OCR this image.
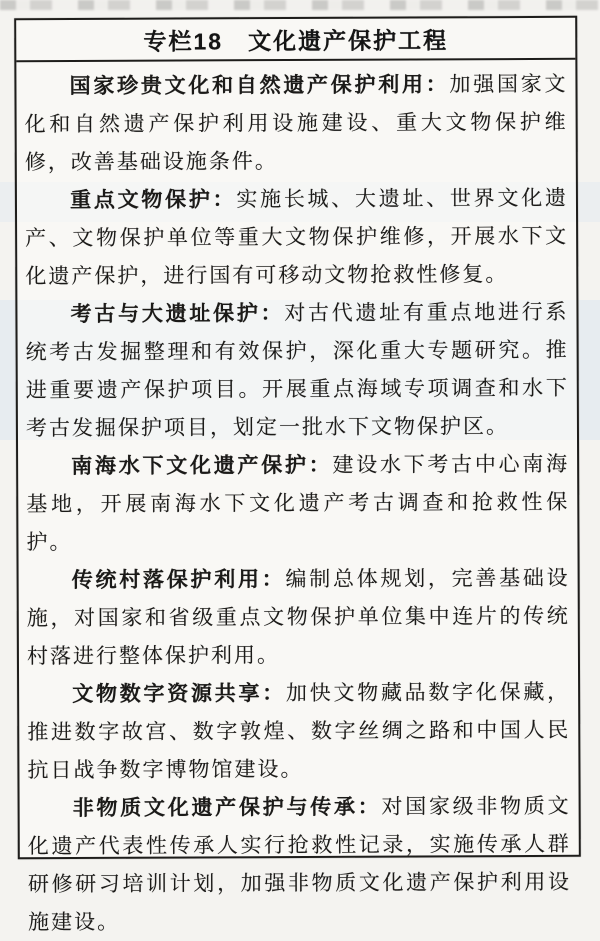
专栏18　文化遗产保护工程

国家珍贵文化和自然遗产保护利用：加强国家文化和自然遗产保护利用设施建设、重大文物保护维修，改善基础设施条件。

重点文物保护：实施长城、大遗址、世界文化遗产、文物保护单位等重大文物保护维修，开展水下文化遗产保护，进行国有可移动文物抢救性修复。

考古与大遗址保护：对古代遗址有重点地进行系统考古发掘整理和有效保护，深化重大专题研究。推进重要遗产保护项目。开展重点海域专项调查和水下考古发掘保护项目，划定一批水下文物保护区。

南海水下文化遗产保护：建设水下考古中心南海基地，开展南海水下文化遗产考古调查和抢救性保护。

传统村落保护利用：编制总体规划，完善基础设施，对国家和省级重点文物保护单位集中连片的传统村落进行整体保护利用。

文物数字资源共享：加快文物藏品数字化保藏，推进数字故宫、数字敦煌、数字丝绸之路和中国人民抗日战争数字博物馆建设。

非物质文化遗产保护与传承：对国家级非物质文化遗产代表性传承人实行抢救性记录，实施传承人群研修研习培训计划，加强非物质文化遗产保护利用设施建设。
